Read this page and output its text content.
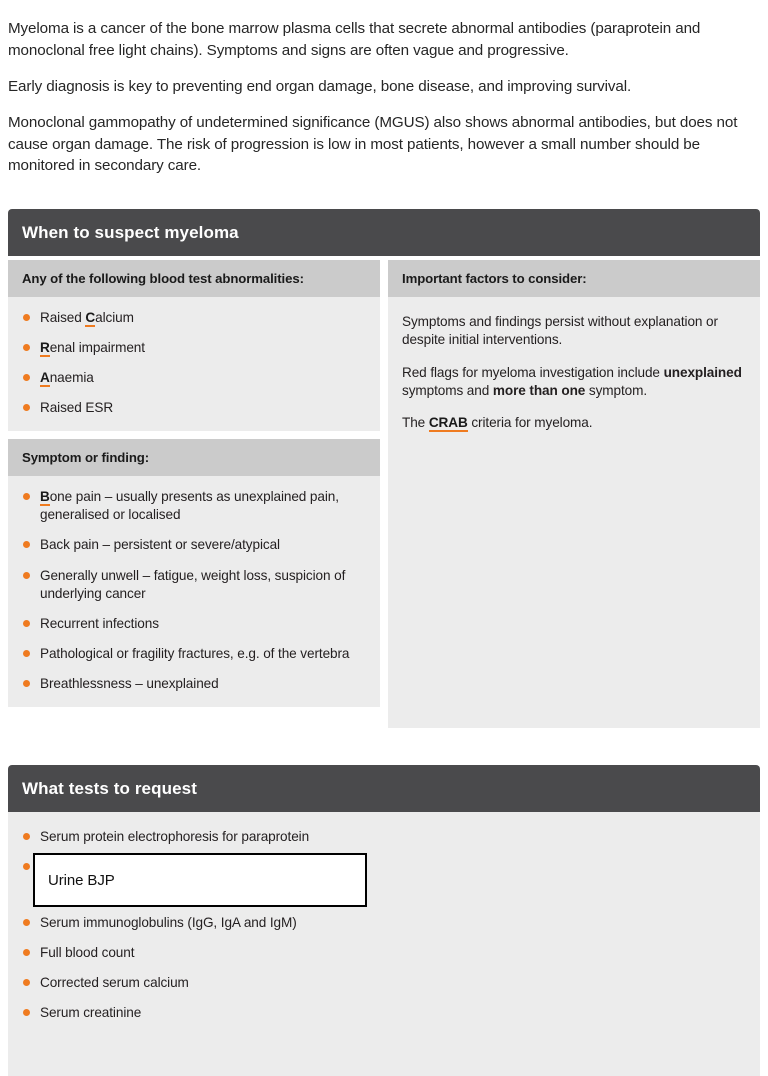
Myeloma is a cancer of the bone marrow plasma cells that secrete abnormal antibodies (paraprotein and monoclonal free light chains). Symptoms and signs are often vague and progressive.

Early diagnosis is key to preventing end organ damage, bone disease, and improving survival.

Monoclonal gammopathy of undetermined significance (MGUS) also shows abnormal antibodies, but does not cause organ damage. The risk of progression is low in most patients, however a small number should be monitored in secondary care.

When to suspect myeloma
Any of the following blood test abnormalities:
Raised Calcium
Renal impairment
Anaemia
Raised ESR
Symptom or finding:
Bone pain – usually presents as unexplained pain, generalised or localised
Back pain – persistent or severe/atypical
Generally unwell – fatigue, weight loss, suspicion of underlying cancer
Recurrent infections
Pathological or fragility fractures, e.g. of the vertebra
Breathlessness – unexplained
Important factors to consider:

Symptoms and findings persist without explanation or despite initial interventions.

Red flags for myeloma investigation include unexplained symptoms and more than one symptom.

The CRAB criteria for myeloma.

What tests to request
Serum protein electrophoresis for paraprotein
Serum immunoglobulins (IgG, IgA and IgM)
Full blood count
Corrected serum calcium
Serum creatinine
Urine BJP
